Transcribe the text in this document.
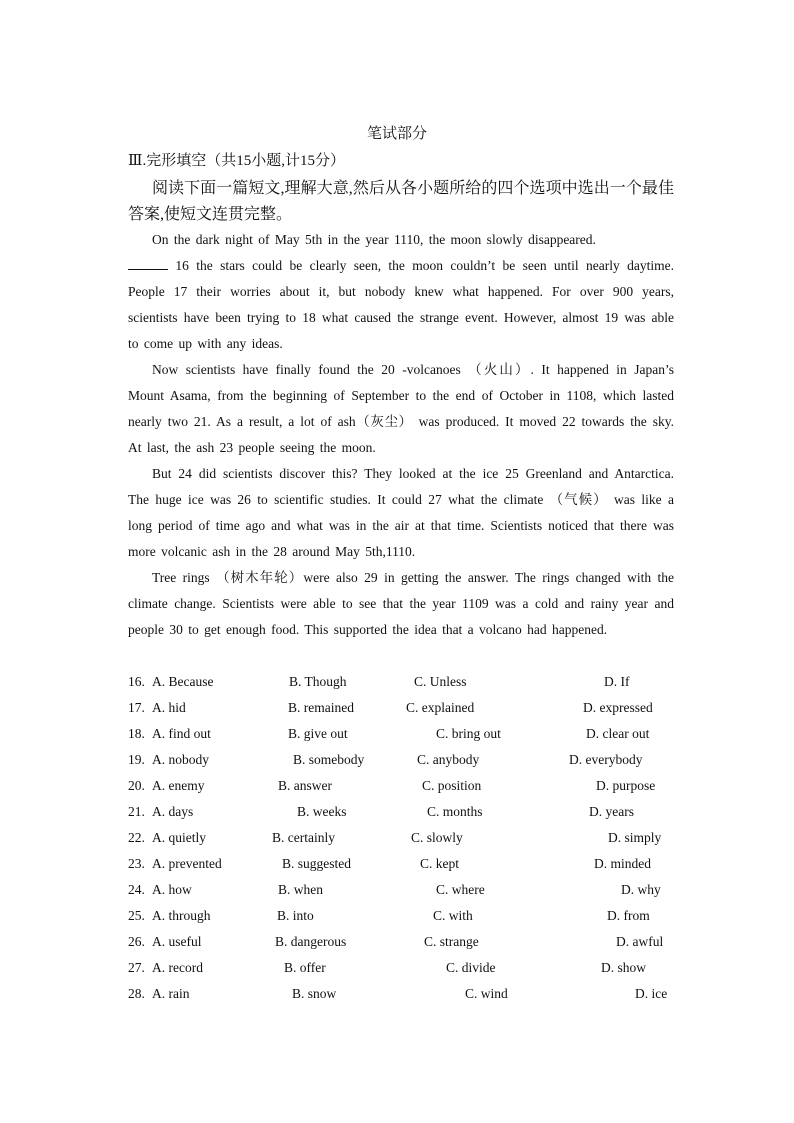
笔试部分
Ⅲ.完形填空（共15小题,计15分）
阅读下面一篇短文,理解大意,然后从各小题所给的四个选项中选出一个最佳答案,使短文连贯完整。

On the dark night of May 5th in the year 1110, the moon slowly disappeared.
16 the stars could be clearly seen, the moon couldn’t be seen until nearly daytime. People 17 their worries about it, but nobody knew what happened. For over 900 years, scientists have been trying to 18 what caused the strange event. However, almost 19 was able to come up with any ideas.

Now scientists have finally found the 20 -volcanoes （火山）. It happened in Japan’s Mount Asama, from the beginning of September to the end of October in 1108, which lasted nearly two 21. As a result, a lot of ash（灰尘） was produced. It moved 22 towards the sky. At last, the ash 23 people seeing the moon.

But 24 did scientists discover this? They looked at the ice 25 Greenland and Antarctica. The huge ice was 26 to scientific studies. It could 27 what the climate （气候） was like a long period of time ago and what was in the air at that time. Scientists noticed that there was more volcanic ash in the 28 around May 5th,1110.

Tree rings （树木年轮）were also 29 in getting the answer. The rings changed with the climate change. Scientists were able to see that the year 1109 was a cold and rainy year and people 30 to get enough food. This supported the idea that a volcano had happened.

16. A. Because	B. Though	C. Unless	D. If
17. A. hid	B. remained	C. explained	D. expressed
18. A. find out	B. give out	C. bring out	D. clear out
19. A. nobody	B. somebody	C. anybody	D. everybody
20. A. enemy	B. answer	C. position	D. purpose
21. A. days	B. weeks	C. months	D. years
22. A. quietly	B. certainly	C. slowly	D. simply
23. A. prevented	B. suggested	C. kept	D. minded
24. A. how	B. when	C. where	D. why
25. A. through	B. into	C. with	D. from
26. A. useful	B. dangerous	C. strange	D. awful
27. A. record	B. offer	C. divide	D. show
28. A. rain	B. snow	C. wind	D. ice
